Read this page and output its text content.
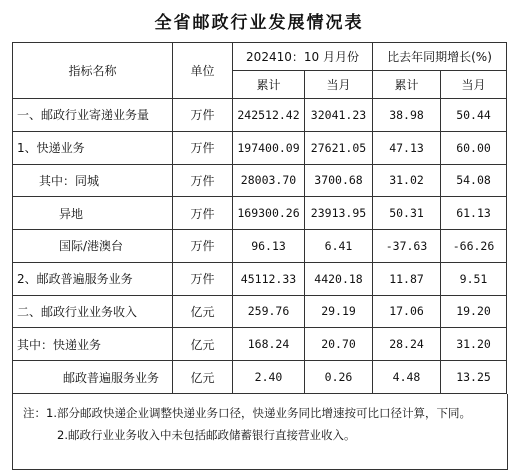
全省邮政行业发展情况表
指标名称	单位	202410：10 月月份		比去年同期增长(%)	
		累计	当月	累计	当月
一、邮政行业寄递业务量	万件	242512.42	32041.23	38.98	50.44
1、快递业务	万件	197400.09	27621.05	47.13	60.00
其中：同城	万件	28003.70	3700.68	31.02	54.08
异地	万件	169300.26	23913.95	50.31	61.13
国际/港澳台	万件	96.13	6.41	-37.63	-66.26
2、邮政普遍服务业务	万件	45112.33	4420.18	11.87	9.51
二、邮政行业业务收入	亿元	259.76	29.19	17.06	19.20
其中：快递业务	亿元	168.24	20.70	28.24	31.20
邮政普遍服务业务	亿元	2.40	0.26	4.48	13.25
注：1.部分邮政快递企业调整快递业务口径，快递业务同比增速按可比口径计算，下同。
2.邮政行业业务收入中未包括邮政储蓄银行直接营业收入。
